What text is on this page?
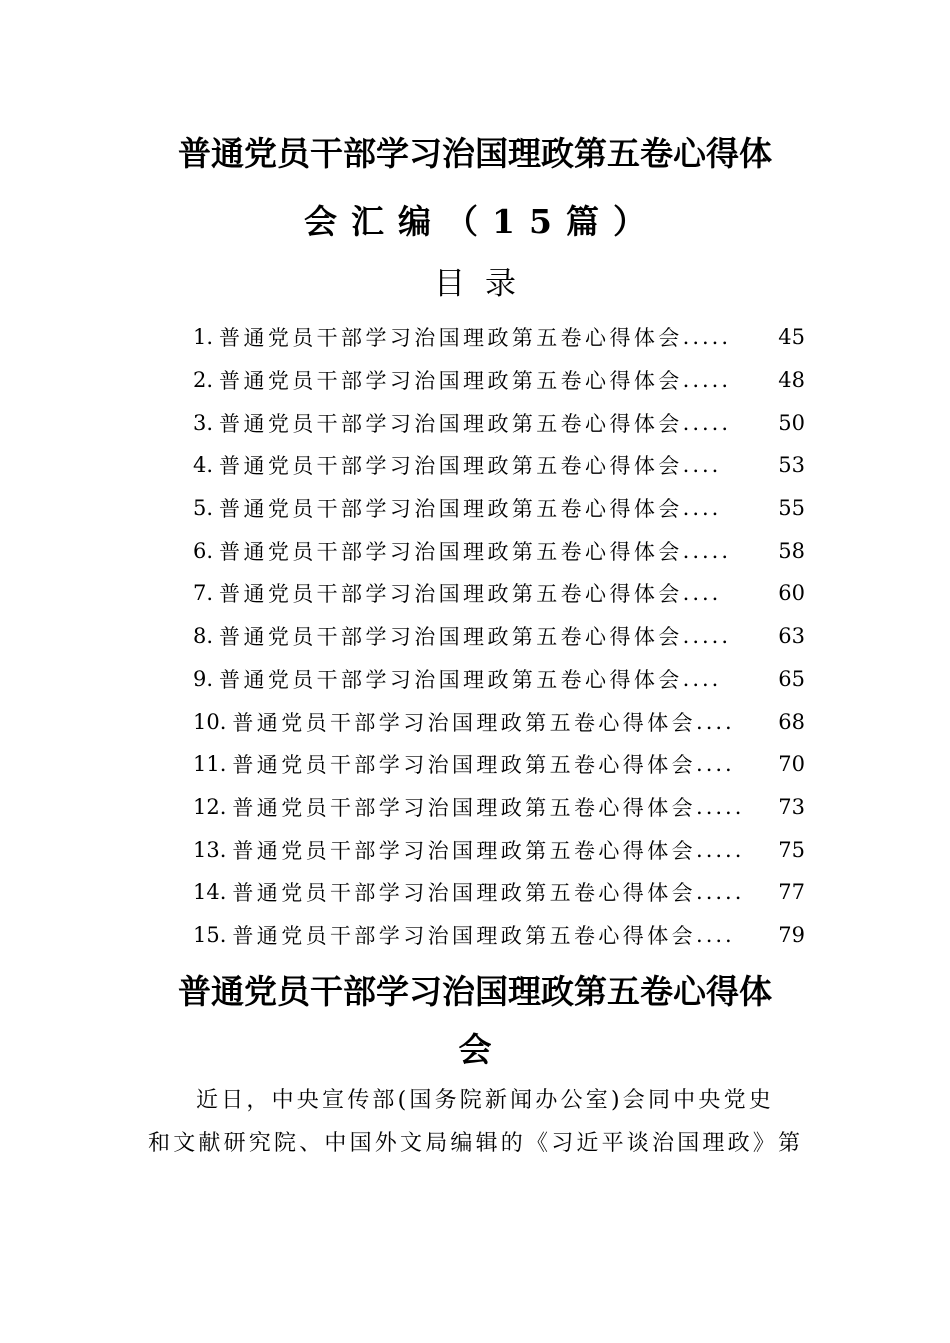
普通党员干部学习治国理政第五卷心得体
会汇编（15篇）
目录
1. 普通党员干部学习治国理政第五卷心得体会 ..... 45
2. 普通党员干部学习治国理政第五卷心得体会 ..... 48
3. 普通党员干部学习治国理政第五卷心得体会 ..... 50
4. 普通党员干部学习治国理政第五卷心得体会 ....	53
5. 普通党员干部学习治国理政第五卷心得体会 ....	55
6. 普通党员干部学习治国理政第五卷心得体会 ..... 58
7. 普通党员干部学习治国理政第五卷心得体会 ....	60
8. 普通党员干部学习治国理政第五卷心得体会 ..... 63
9. 普通党员干部学习治国理政第五卷心得体会 ....	65
10. 普通党员干部学习治国理政第五卷心得体会 .... 68
11. 普通党员干部学习治国理政第五卷心得体会 .... 70
12. 普通党员干部学习治国理政第五卷心得体会 ..... 73
13. 普通党员干部学习治国理政第五卷心得体会 ..... 75
14. 普通党员干部学习治国理政第五卷心得体会 ..... 77
15. 普通党员干部学习治国理政第五卷心得体会 .... 79
普通党员干部学习治国理政第五卷心得体
会
近日，中央宣传部(国务院新闻办公室)会同中央党史
和文献研究院、中国外文局编辑的《习近平谈治国理政》第
